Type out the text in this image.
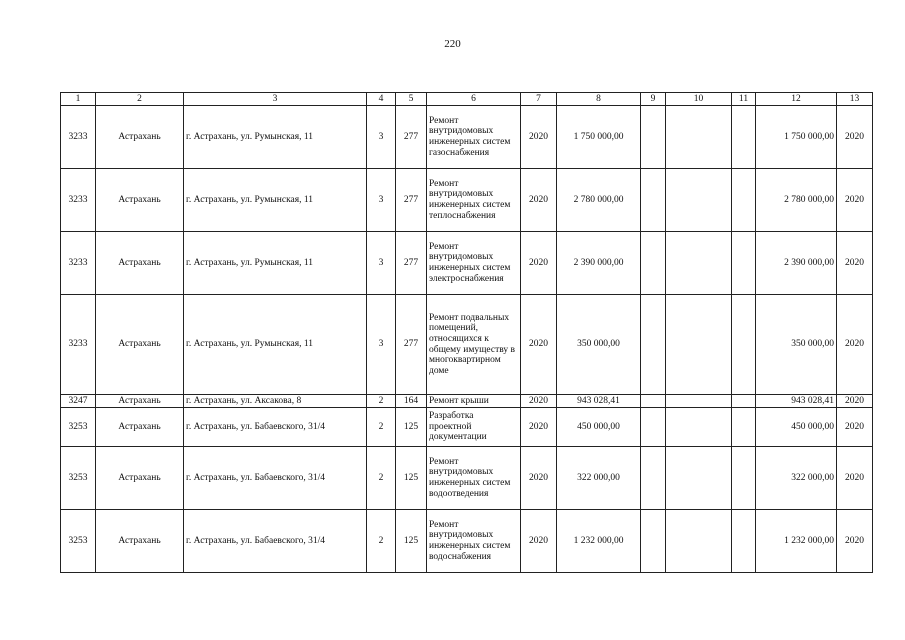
220
1	2	3	4	5	6	7	8	9	10	11	12	13
3233	Астрахань	г. Астрахань, ул. Румынская, 11	3	277	Ремонт внутридомовых инженерных систем газоснабжения	2020	1 750 000,00				1 750 000,00	2020
3233	Астрахань	г. Астрахань, ул. Румынская, 11	3	277	Ремонт внутридомовых инженерных систем теплоснабжения	2020	2 780 000,00				2 780 000,00	2020
3233	Астрахань	г. Астрахань, ул. Румынская, 11	3	277	Ремонт внутридомовых инженерных систем электроснабжения	2020	2 390 000,00				2 390 000,00	2020
3233	Астрахань	г. Астрахань, ул. Румынская, 11	3	277	Ремонт подвальных помещений, относящихся к общему имуществу в многоквартирном доме	2020	350 000,00				350 000,00	2020
3247	Астрахань	г. Астрахань, ул. Аксакова, 8	2	164	Ремонт крыши	2020	943 028,41				943 028,41	2020
3253	Астрахань	г. Астрахань, ул. Бабаевского, 31/4	2	125	Разработка проектной документации	2020	450 000,00				450 000,00	2020
3253	Астрахань	г. Астрахань, ул. Бабаевского, 31/4	2	125	Ремонт внутридомовых инженерных систем водоотведения	2020	322 000,00				322 000,00	2020
3253	Астрахань	г. Астрахань, ул. Бабаевского, 31/4	2	125	Ремонт внутридомовых инженерных систем водоснабжения	2020	1 232 000,00				1 232 000,00	2020
